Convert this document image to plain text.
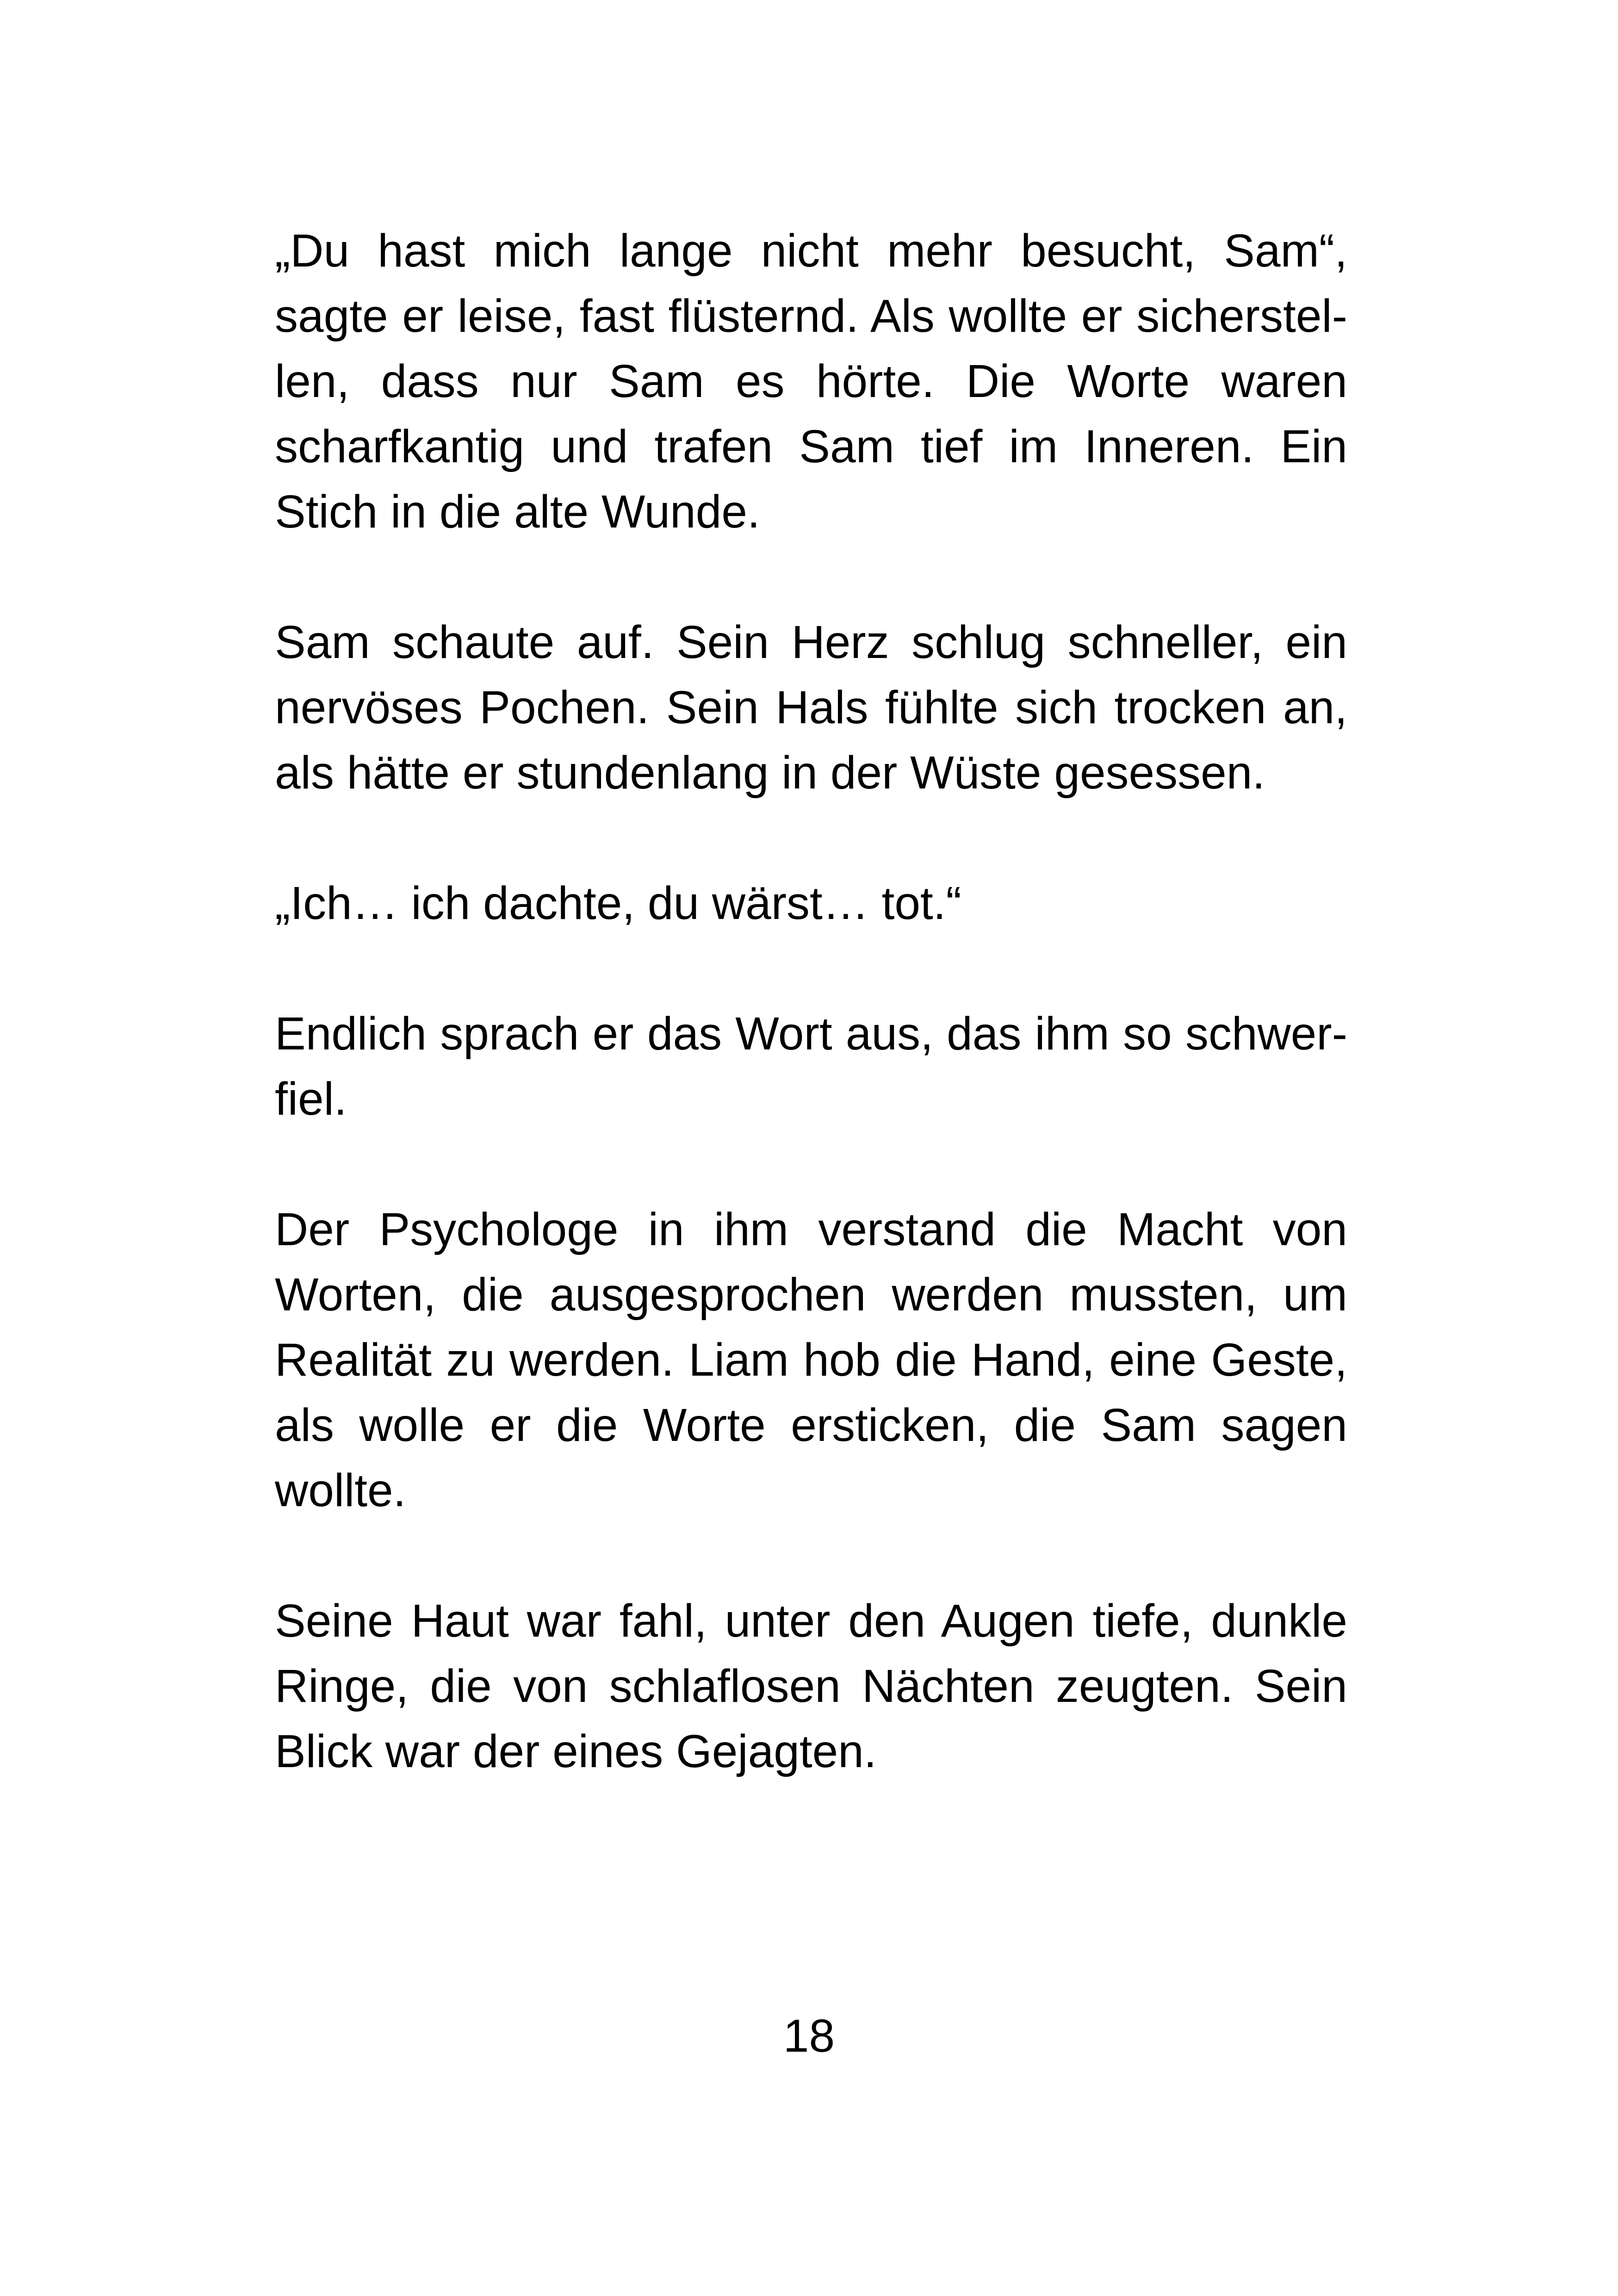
„Du hast mich lange nicht mehr besucht, Sam“,
sagte er leise, fast flüsternd. Als wollte er sicherstel-
len, dass nur Sam es hörte. Die Worte waren
scharfkantig und trafen Sam tief im Inneren. Ein
Stich in die alte Wunde.
Sam schaute auf. Sein Herz schlug schneller, ein
nervöses Pochen. Sein Hals fühlte sich trocken an,
als hätte er stundenlang in der Wüste gesessen.
„Ich… ich dachte, du wärst… tot.“
Endlich sprach er das Wort aus, das ihm so schwer-
fiel.
Der Psychologe in ihm verstand die Macht von
Worten, die ausgesprochen werden mussten, um
Realität zu werden. Liam hob die Hand, eine Geste,
als wolle er die Worte ersticken, die Sam sagen
wollte.
Seine Haut war fahl, unter den Augen tiefe, dunkle
Ringe, die von schlaflosen Nächten zeugten. Sein
Blick war der eines Gejagten.
18
